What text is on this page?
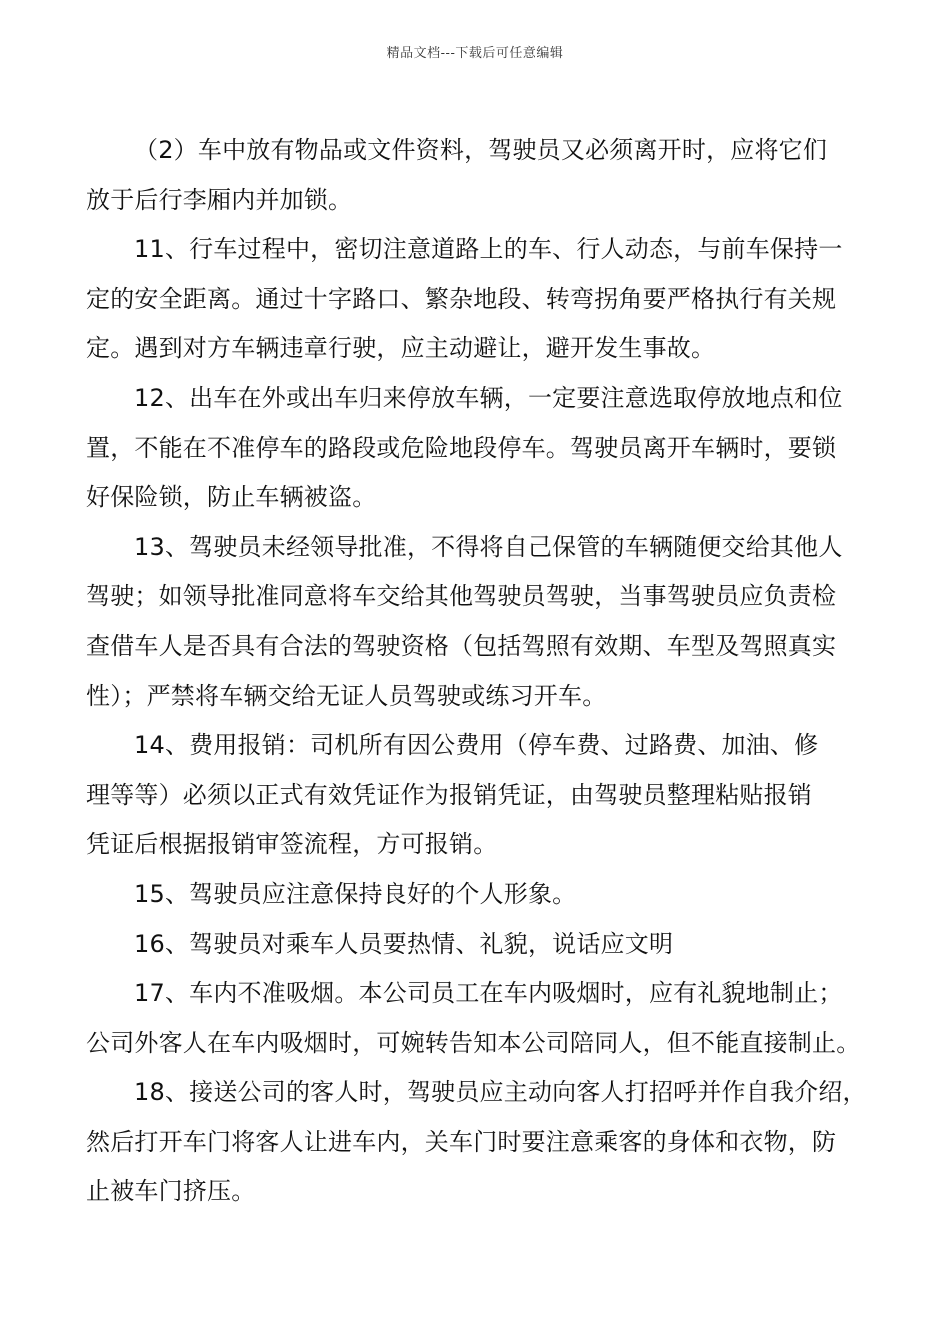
精品文档---下载后可任意编辑
（2）车中放有物品或文件资料，驾驶员又必须离开时，应将它们
放于后行李厢内并加锁。
11、行车过程中，密切注意道路上的车、行人动态，与前车保持一
定的安全距离。通过十字路口、繁杂地段、转弯拐角要严格执行有关规
定。遇到对方车辆违章行驶，应主动避让，避开发生事故。
12、出车在外或出车归来停放车辆，一定要注意选取停放地点和位
置，不能在不准停车的路段或危险地段停车。驾驶员离开车辆时，要锁
好保险锁，防止车辆被盗。
13、驾驶员未经领导批准，不得将自己保管的车辆随便交给其他人
驾驶；如领导批准同意将车交给其他驾驶员驾驶，当事驾驶员应负责检
查借车人是否具有合法的驾驶资格（包括驾照有效期、车型及驾照真实
性）；严禁将车辆交给无证人员驾驶或练习开车。
14、费用报销：司机所有因公费用（停车费、过路费、加油、修
理等等）必须以正式有效凭证作为报销凭证，由驾驶员整理粘贴报销
凭证后根据报销审签流程，方可报销。
15、驾驶员应注意保持良好的个人形象。
16、驾驶员对乘车人员要热情、礼貌，说话应文明
17、车内不准吸烟。本公司员工在车内吸烟时，应有礼貌地制止；
公司外客人在车内吸烟时，可婉转告知本公司陪同人，但不能直接制止。
18、接送公司的客人时，驾驶员应主动向客人打招呼并作自我介绍，
然后打开车门将客人让进车内，关车门时要注意乘客的身体和衣物，防
止被车门挤压。
